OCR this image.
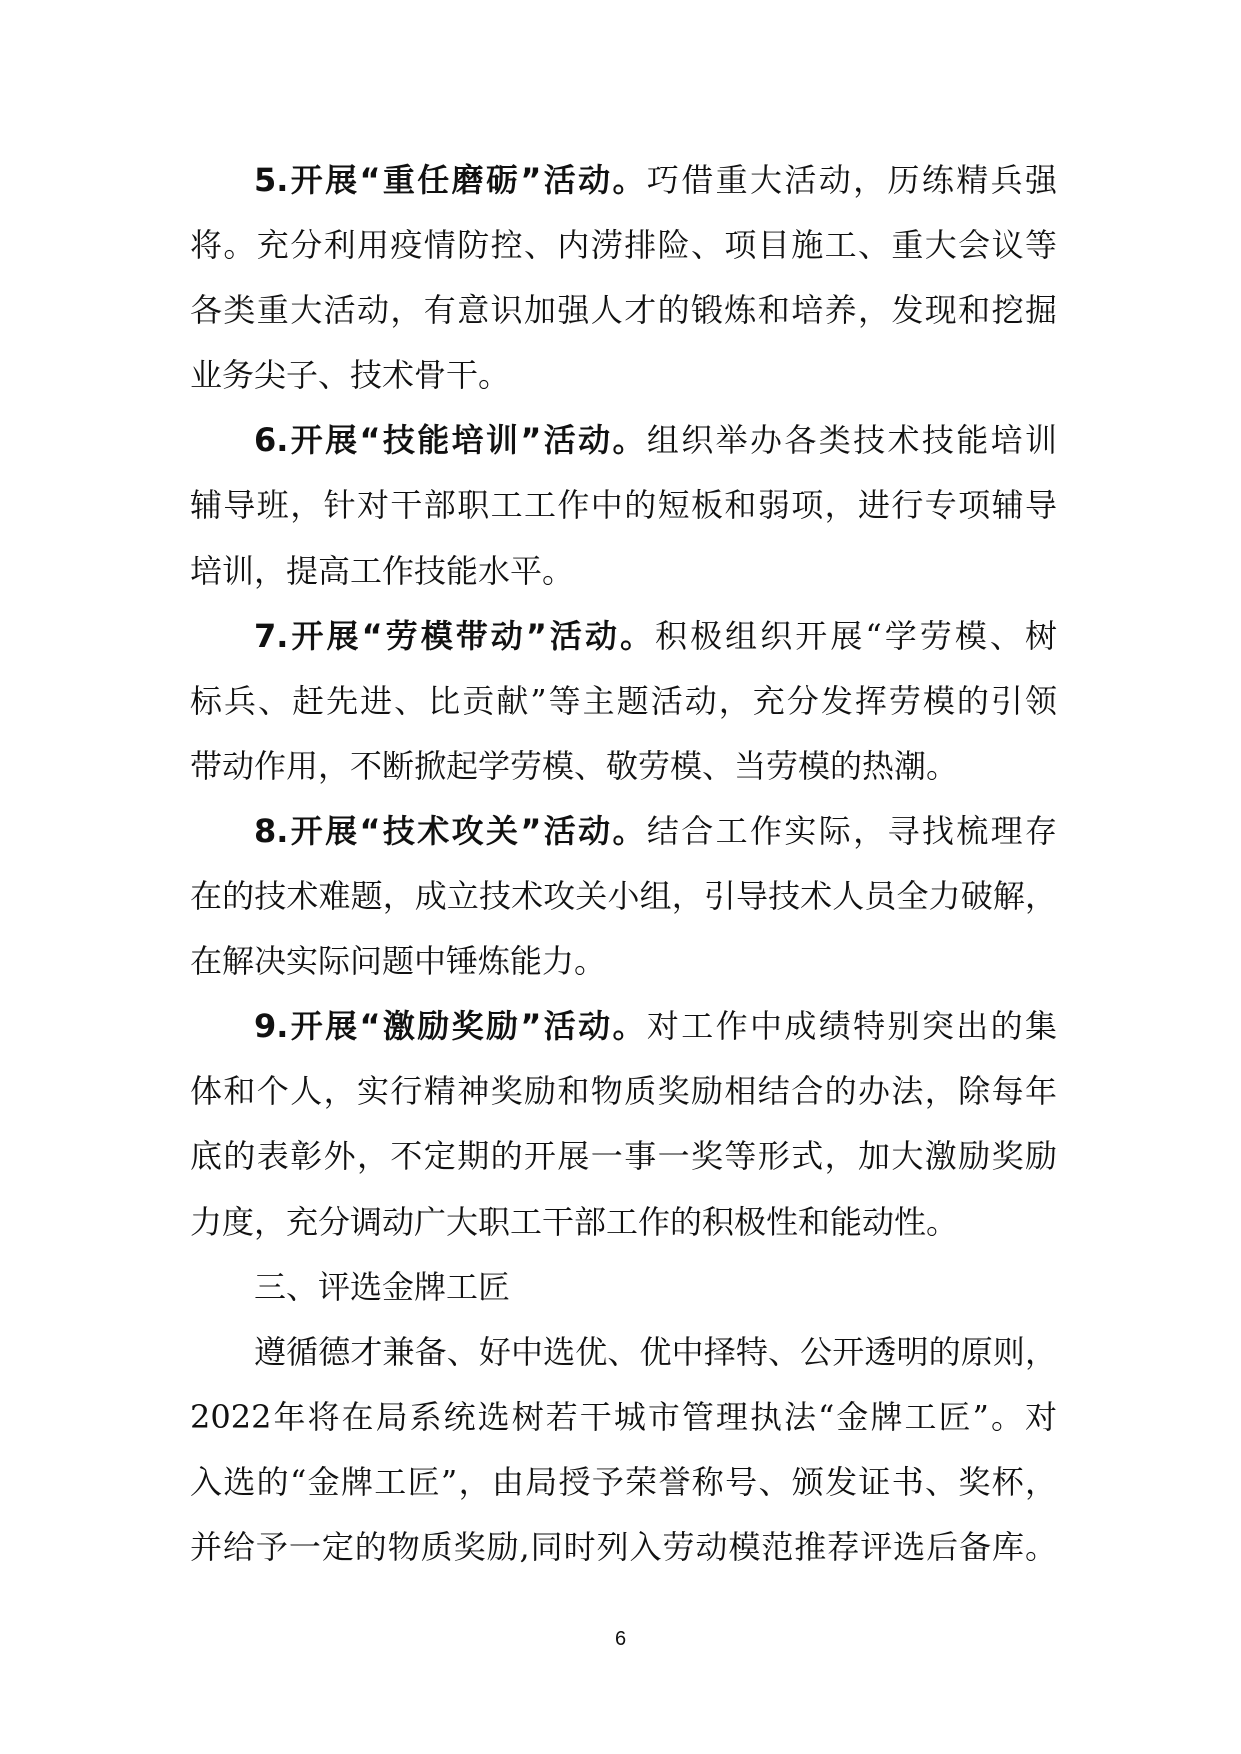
5.开展“重任磨砺”活动。巧借重大活动，历练精兵强
将。充分利用疫情防控、内涝排险、项目施工、重大会议等
各类重大活动，有意识加强人才的锻炼和培养，发现和挖掘
业务尖子、技术骨干。
6.开展“技能培训”活动。组织举办各类技术技能培训
辅导班，针对干部职工工作中的短板和弱项，进行专项辅导
培训，提高工作技能水平。
7.开展“劳模带动”活动。积极组织开展“学劳模、树
标兵、赶先进、比贡献”等主题活动，充分发挥劳模的引领
带动作用，不断掀起学劳模、敬劳模、当劳模的热潮。
8.开展“技术攻关”活动。结合工作实际，寻找梳理存
在的技术难题，成立技术攻关小组，引导技术人员全力破解，
在解决实际问题中锤炼能力。
9.开展“激励奖励”活动。对工作中成绩特别突出的集
体和个人，实行精神奖励和物质奖励相结合的办法，除每年
底的表彰外，不定期的开展一事一奖等形式，加大激励奖励
力度，充分调动广大职工干部工作的积极性和能动性。
三、评选金牌工匠
遵循德才兼备、好中选优、优中择特、公开透明的原则，
2022年将在局系统选树若干城市管理执法“金牌工匠”。对
入选的“金牌工匠”，由局授予荣誉称号、颁发证书、奖杯，
并给予一定的物质奖励,同时列入劳动模范推荐评选后备库。
6
